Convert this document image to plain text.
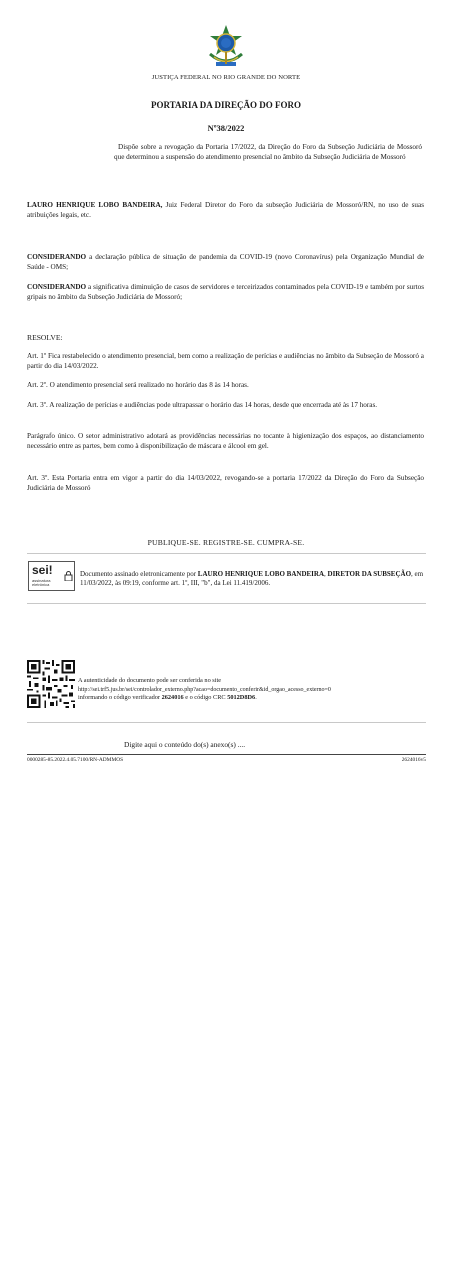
JUSTIÇA FEDERAL NO RIO GRANDE DO NORTE
PORTARIA DA DIREÇÃO DO FORO
Nº38/2022
Dispõe sobre a revogação da Portaria 17/2022, da Direção do Foro da Subseção Judiciária de Mossoró que determinou a suspensão do atendimento presencial no âmbito da Subseção Judiciária de Mossoró
LAURO HENRIQUE LOBO BANDEIRA, Juiz Federal Diretor do Foro da subseção Judiciária de Mossoró/RN, no uso de suas atribuições legais, etc.
CONSIDERANDO a declaração pública de situação de pandemia da COVID-19 (novo Coronavírus) pela Organização Mundial de Saúde - OMS;
CONSIDERANDO a significativa diminuição de casos de servidores e terceirizados contaminados pela COVID-19 e também por surtos gripais no âmbito da Subseção Judiciária de Mossoró;
RESOLVE:
Art. 1º Fica restabelecido o atendimento presencial, bem como a realização de perícias e audiências no âmbito da Subseção de Mossoró a partir do dia 14/03/2022.
Art. 2º. O atendimento presencial será realizado no horário das 8 às 14 horas.
Art. 3º. A realização de perícias e audiências pode ultrapassar o horário das 14 horas, desde que encerrada até às 17 horas.
Parágrafo único. O setor administrativo adotará as providências necessárias no tocante à higienização dos espaços, ao distanciamento necessário entre as partes, bem como à disponibilização de máscara e álcool em gel.
Art. 3º. Esta Portaria entra em vigor a partir do dia 14/03/2022, revogando-se a portaria 17/2022 da Direção do Foro da Subseção Judiciária de Mossoró
PUBLIQUE-SE. REGISTRE-SE. CUMPRA-SE.
sei!
assinatura
eletrônica
Documento assinado eletronicamente por LAURO HENRIQUE LOBO BANDEIRA, DIRETOR DA SUBSEÇÃO, em 11/03/2022, às 09:19, conforme art. 1º, III, "b", da Lei 11.419/2006.
A autenticidade do documento pode ser conferida no site
http://sei.trf5.jus.br/sei/controlador_externo.php?acao=documento_conferir&id_orgao_acesso_externo=0
informando o código verificador 2624016 e o código CRC 5012D8D6.
Digite aqui o conteúdo do(s) anexo(s) ....
0000285-85.2022.4.05.7100/RN-ADMMOS	2624016v5
